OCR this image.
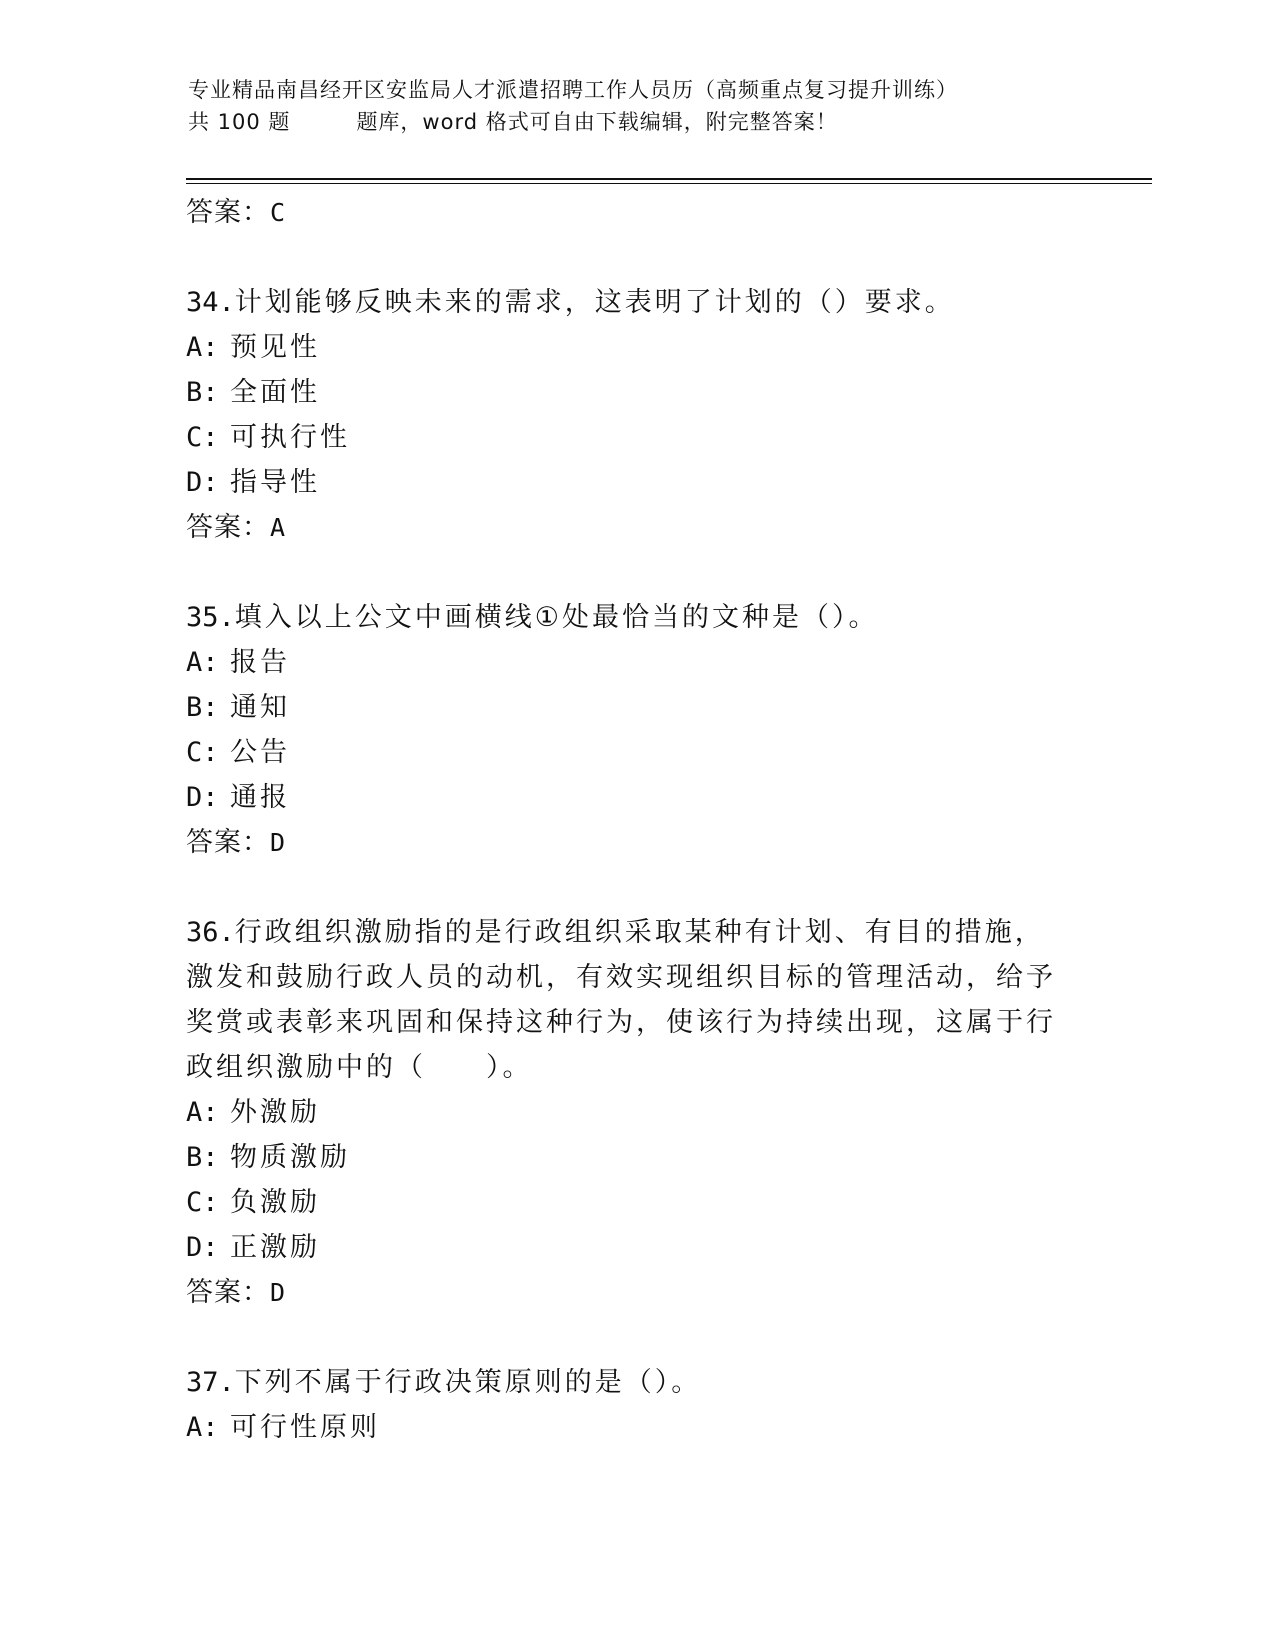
专业精品南昌经开区安监局人才派遣招聘工作人员历（高频重点复习提升训练）
共 100 题	题库，word 格式可自由下载编辑，附完整答案！
答案：C
34.计划能够反映未来的需求，这表明了计划的（）要求。
A: 预见性
B: 全面性
C: 可执行性
D: 指导性
答案：A
35.填入以上公文中画横线①处最恰当的文种是（）。
A: 报告
B: 通知
C: 公告
D: 通报
答案：D
36.行政组织激励指的是行政组织采取某种有计划、有目的措施，激发和鼓励行政人员的动机，有效实现组织目标的管理活动，给予奖赏或表彰来巩固和保持这种行为，使该行为持续出现，这属于行政组织激励中的（　　）。
A: 外激励
B: 物质激励
C: 负激励
D: 正激励
答案：D
37.下列不属于行政决策原则的是（）。
A: 可行性原则
